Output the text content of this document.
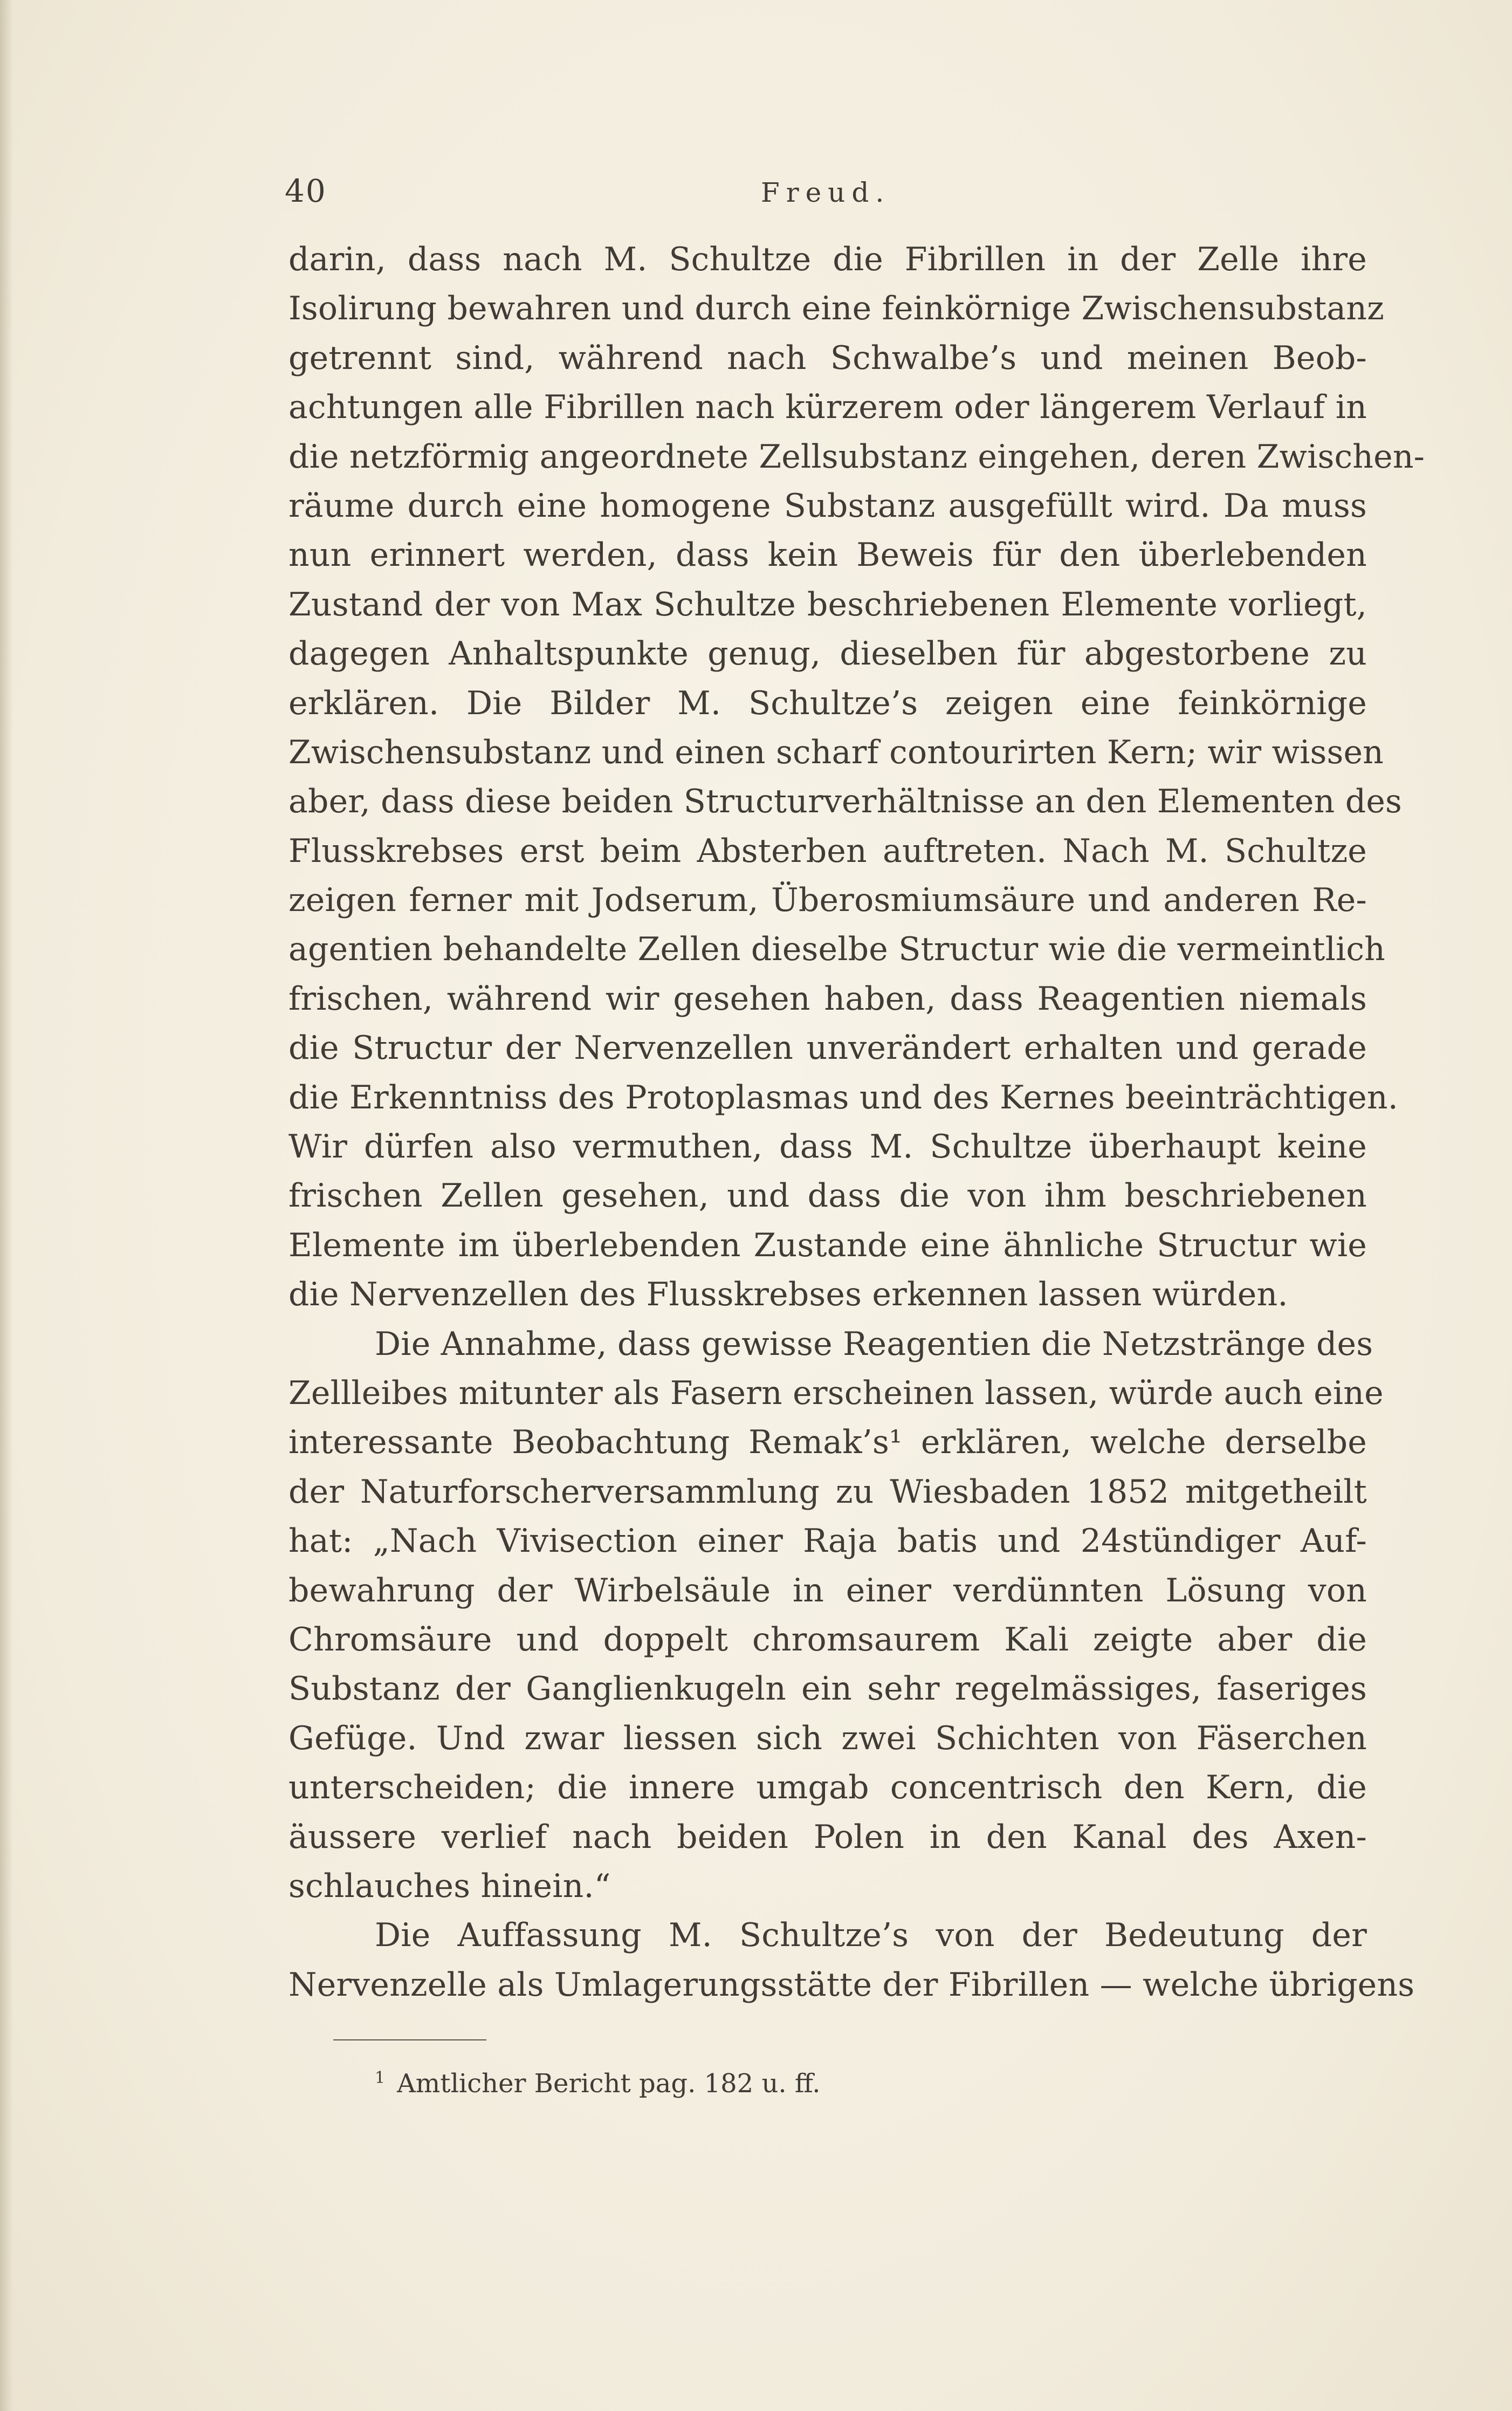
40	Freud.
darin, dass nach M. Schultze die Fibrillen in der Zelle ihre
Isolirung bewahren und durch eine feinkörnige Zwischensubstanz
getrennt sind, während nach Schwalbe’s und meinen Beob-
achtungen alle Fibrillen nach kürzerem oder längerem Verlauf in
die netzförmig angeordnete Zellsubstanz eingehen, deren Zwischen-
räume durch eine homogene Substanz ausgefüllt wird. Da muss
nun erinnert werden, dass kein Beweis für den überlebenden
Zustand der von Max Schultze beschriebenen Elemente vorliegt,
dagegen Anhaltspunkte genug, dieselben für abgestorbene zu
erklären. Die Bilder M. Schultze’s zeigen eine feinkörnige
Zwischensubstanz und einen scharf contourirten Kern; wir wissen
aber, dass diese beiden Structurverhältnisse an den Elementen des
Flusskrebses erst beim Absterben auftreten. Nach M. Schultze
zeigen ferner mit Jodserum, Überosmiumsäure und anderen Re-
agentien behandelte Zellen dieselbe Structur wie die vermeintlich
frischen, während wir gesehen haben, dass Reagentien niemals
die Structur der Nervenzellen unverändert erhalten und gerade
die Erkenntniss des Protoplasmas und des Kernes beeinträchtigen.
Wir dürfen also vermuthen, dass M. Schultze überhaupt keine
frischen Zellen gesehen, und dass die von ihm beschriebenen
Elemente im überlebenden Zustande eine ähnliche Structur wie
die Nervenzellen des Flusskrebses erkennen lassen würden.
Die Annahme, dass gewisse Reagentien die Netzstränge des
Zellleibes mitunter als Fasern erscheinen lassen, würde auch eine
interessante Beobachtung Remak’s¹ erklären, welche derselbe
der Naturforscherversammlung zu Wiesbaden 1852 mitgetheilt
hat: „Nach Vivisection einer Raja batis und 24stündiger Auf-
bewahrung der Wirbelsäule in einer verdünnten Lösung von
Chromsäure und doppelt chromsaurem Kali zeigte aber die
Substanz der Ganglienkugeln ein sehr regelmässiges, faseriges
Gefüge. Und zwar liessen sich zwei Schichten von Fäserchen
unterscheiden; die innere umgab concentrisch den Kern, die
äussere verlief nach beiden Polen in den Kanal des Axen-
schlauches hinein.“
Die Auffassung M. Schultze’s von der Bedeutung der
Nervenzelle als Umlagerungsstätte der Fibrillen — welche übrigens
$^1$ Amtlicher Bericht pag. 182 u. ff.
